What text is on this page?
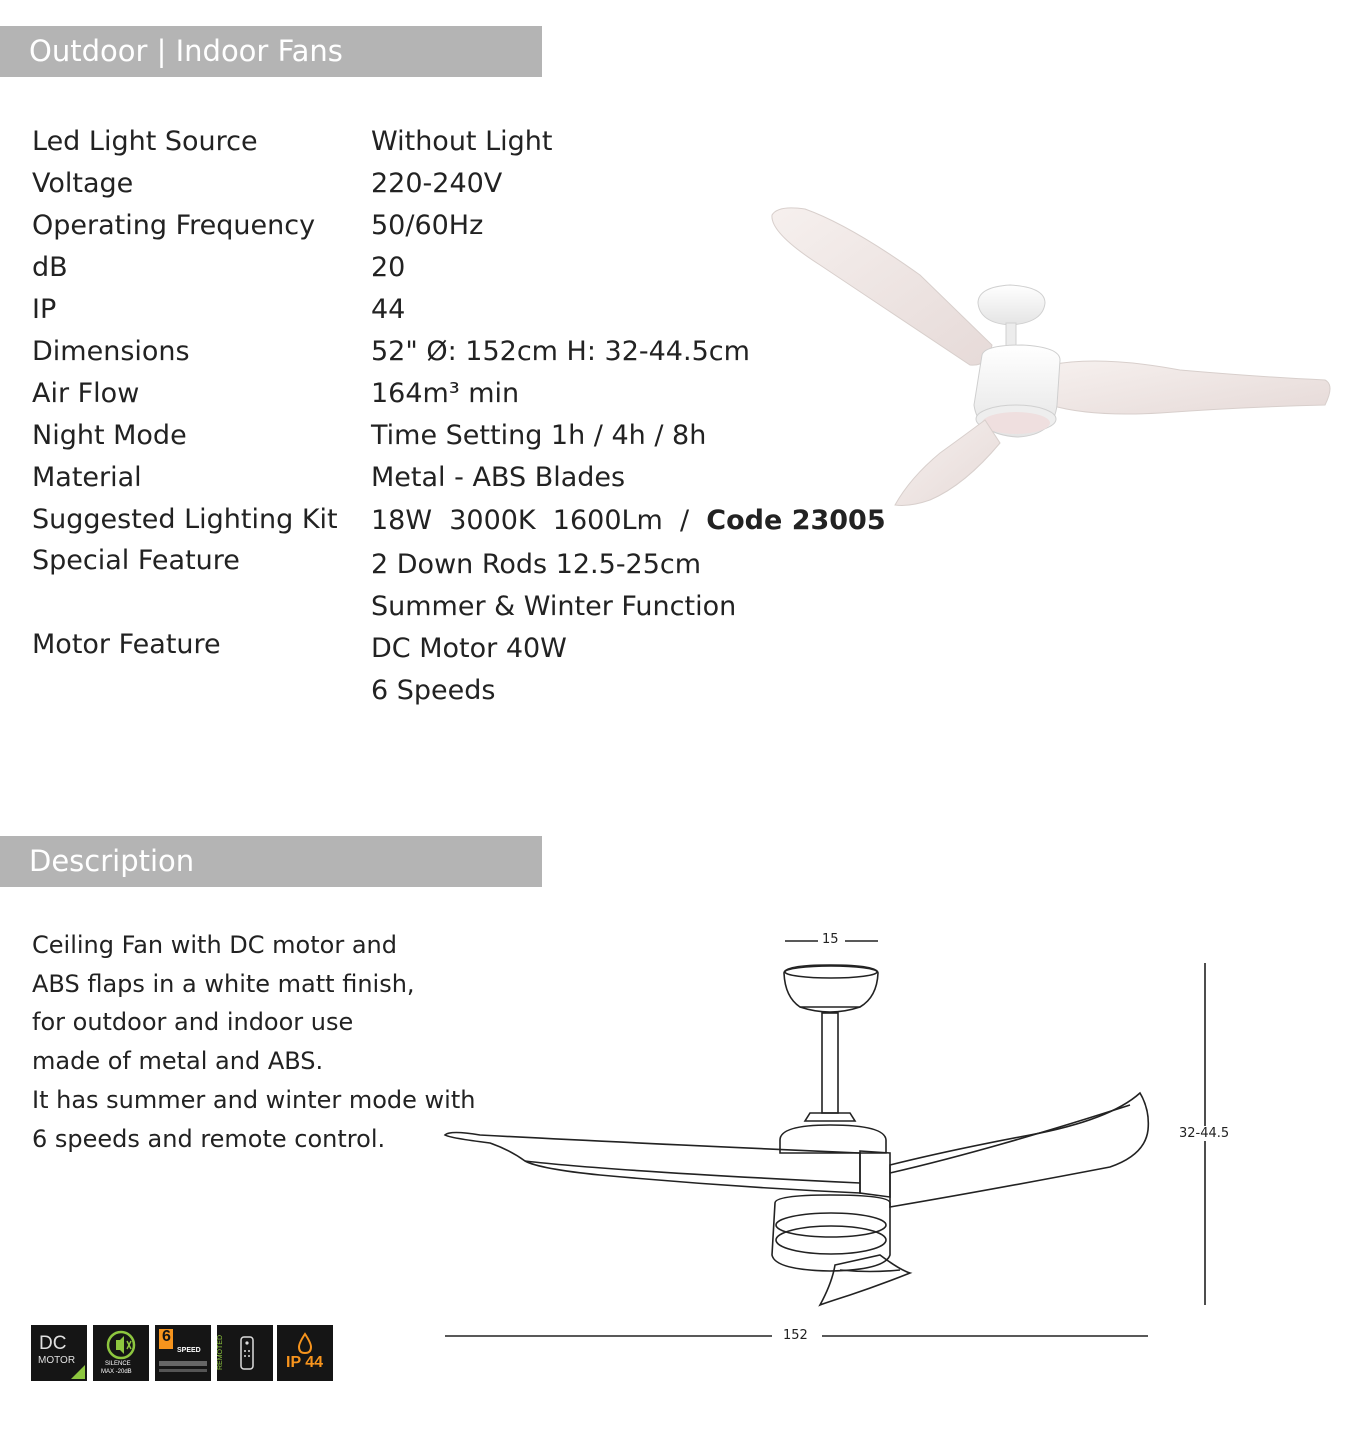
Outdoor | Indoor Fans
Description
Led Light Source	Without Light
Voltage	220-240V
Operating Frequency 50/60Hz
dB	20
IP	44
Dimensions	52" Ø: 152cm H: 32-44.5cm
Air Flow	164m³ min
Night Mode	Time Setting 1h / 4h / 8h
Material	Metal - ABS Blades
Suggested Lighting Kit 18W  3000K  1600Lm  /  Code 23005
Special Feature	2 Down Rods 12.5-25cm
Summer & Winter Function
Motor Feature	DC Motor 40W
6 Speeds
Ceiling Fan with DC motor and
ABS flaps in a white matt finish,
for outdoor and indoor use
made of metal and ABS.
It has summer and winter mode with
6 speeds and remote control.
15
32-44.5
152
DC
MOTOR	SILENCE
MAX -20dB
6
SPEED REMOTED	IP 44
